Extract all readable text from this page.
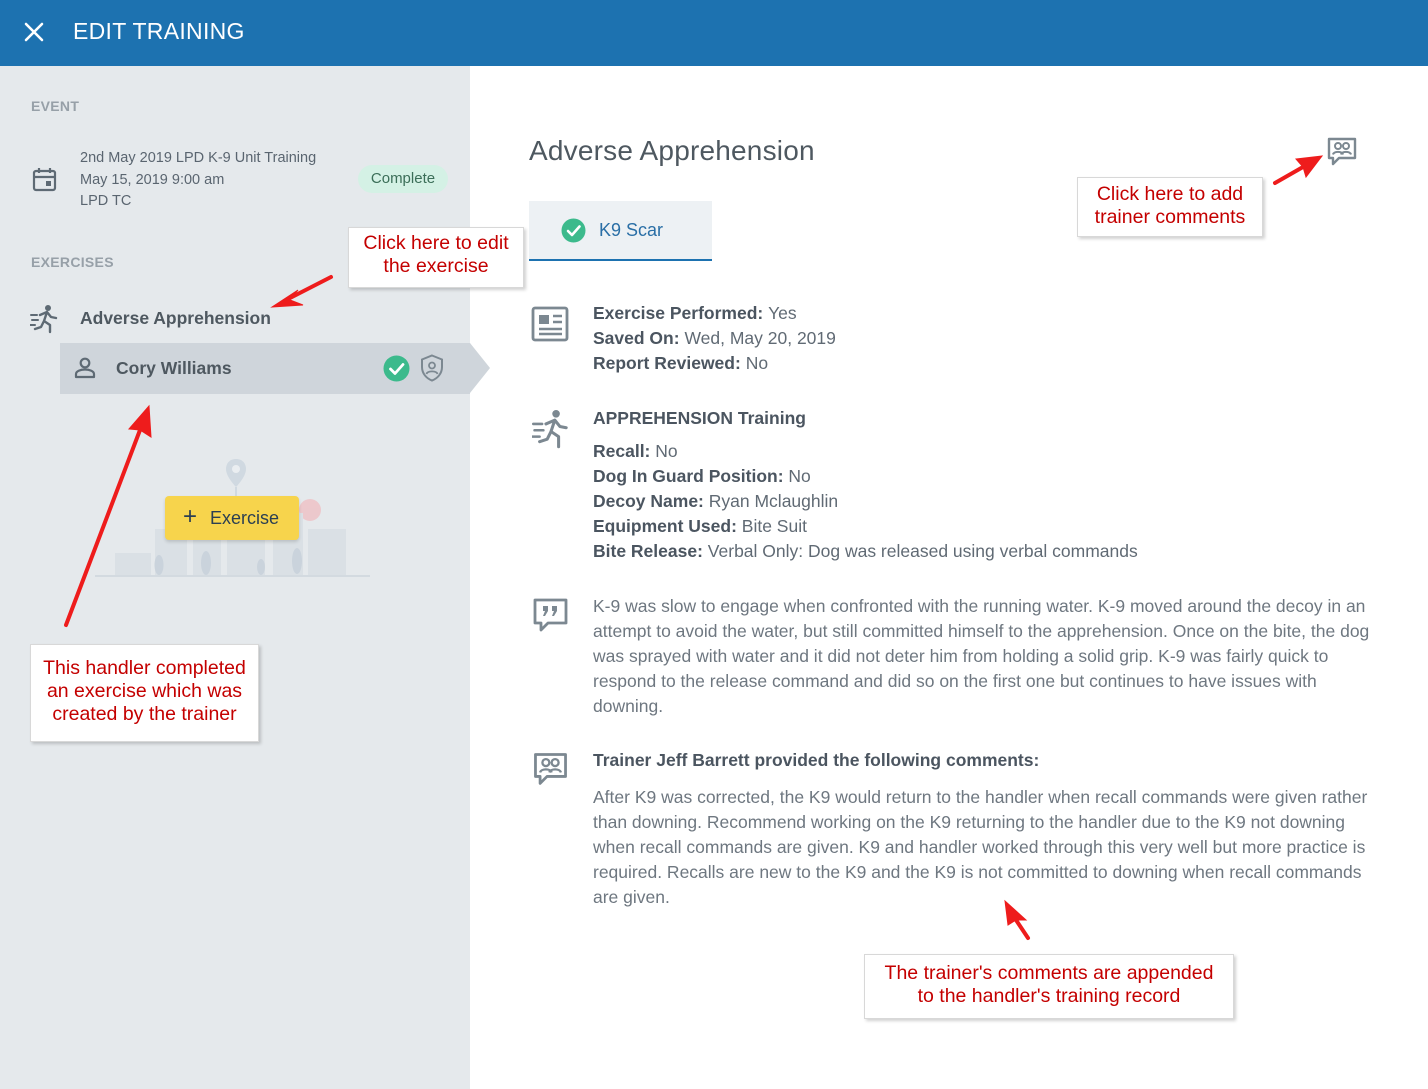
EDIT TRAINING
EVENT
2nd May 2019 LPD K-9 Unit Training
May 15, 2019 9:00 am
LPD TC
Complete
EXERCISES
Adverse Apprehension
Cory Williams
+ Exercise
Adverse Apprehension
K9 Scar
Exercise Performed: Yes
Saved On: Wed, May 20, 2019
Report Reviewed: No
APPREHENSION Training
Recall: No
Dog In Guard Position: No
Decoy Name: Ryan Mclaughlin
Equipment Used: Bite Suit
Bite Release: Verbal Only: Dog was released using verbal commands
K-9 was slow to engage when confronted with the running water. K-9 moved around the decoy in an attempt to avoid the water, but still committed himself to the apprehension. Once on the bite, the dog was sprayed with water and it did not deter him from holding a solid grip. K-9 was fairly quick to respond to the release command and did so on the first one but continues to have issues with downing.
Trainer Jeff Barrett provided the following comments:
After K9 was corrected, the K9 would return to the handler when recall commands were given rather than downing. Recommend working on the K9 returning to the handler due to the K9 not downing when recall commands are given. K9 and handler worked through this very well but more practice is required. Recalls are new to the K9 and the K9 is not committed to downing when recall commands are given.
Click here to edit the exercise
Click here to add trainer comments
This handler completed an exercise which was created by the trainer
The trainer's comments are appended to the handler's training record
